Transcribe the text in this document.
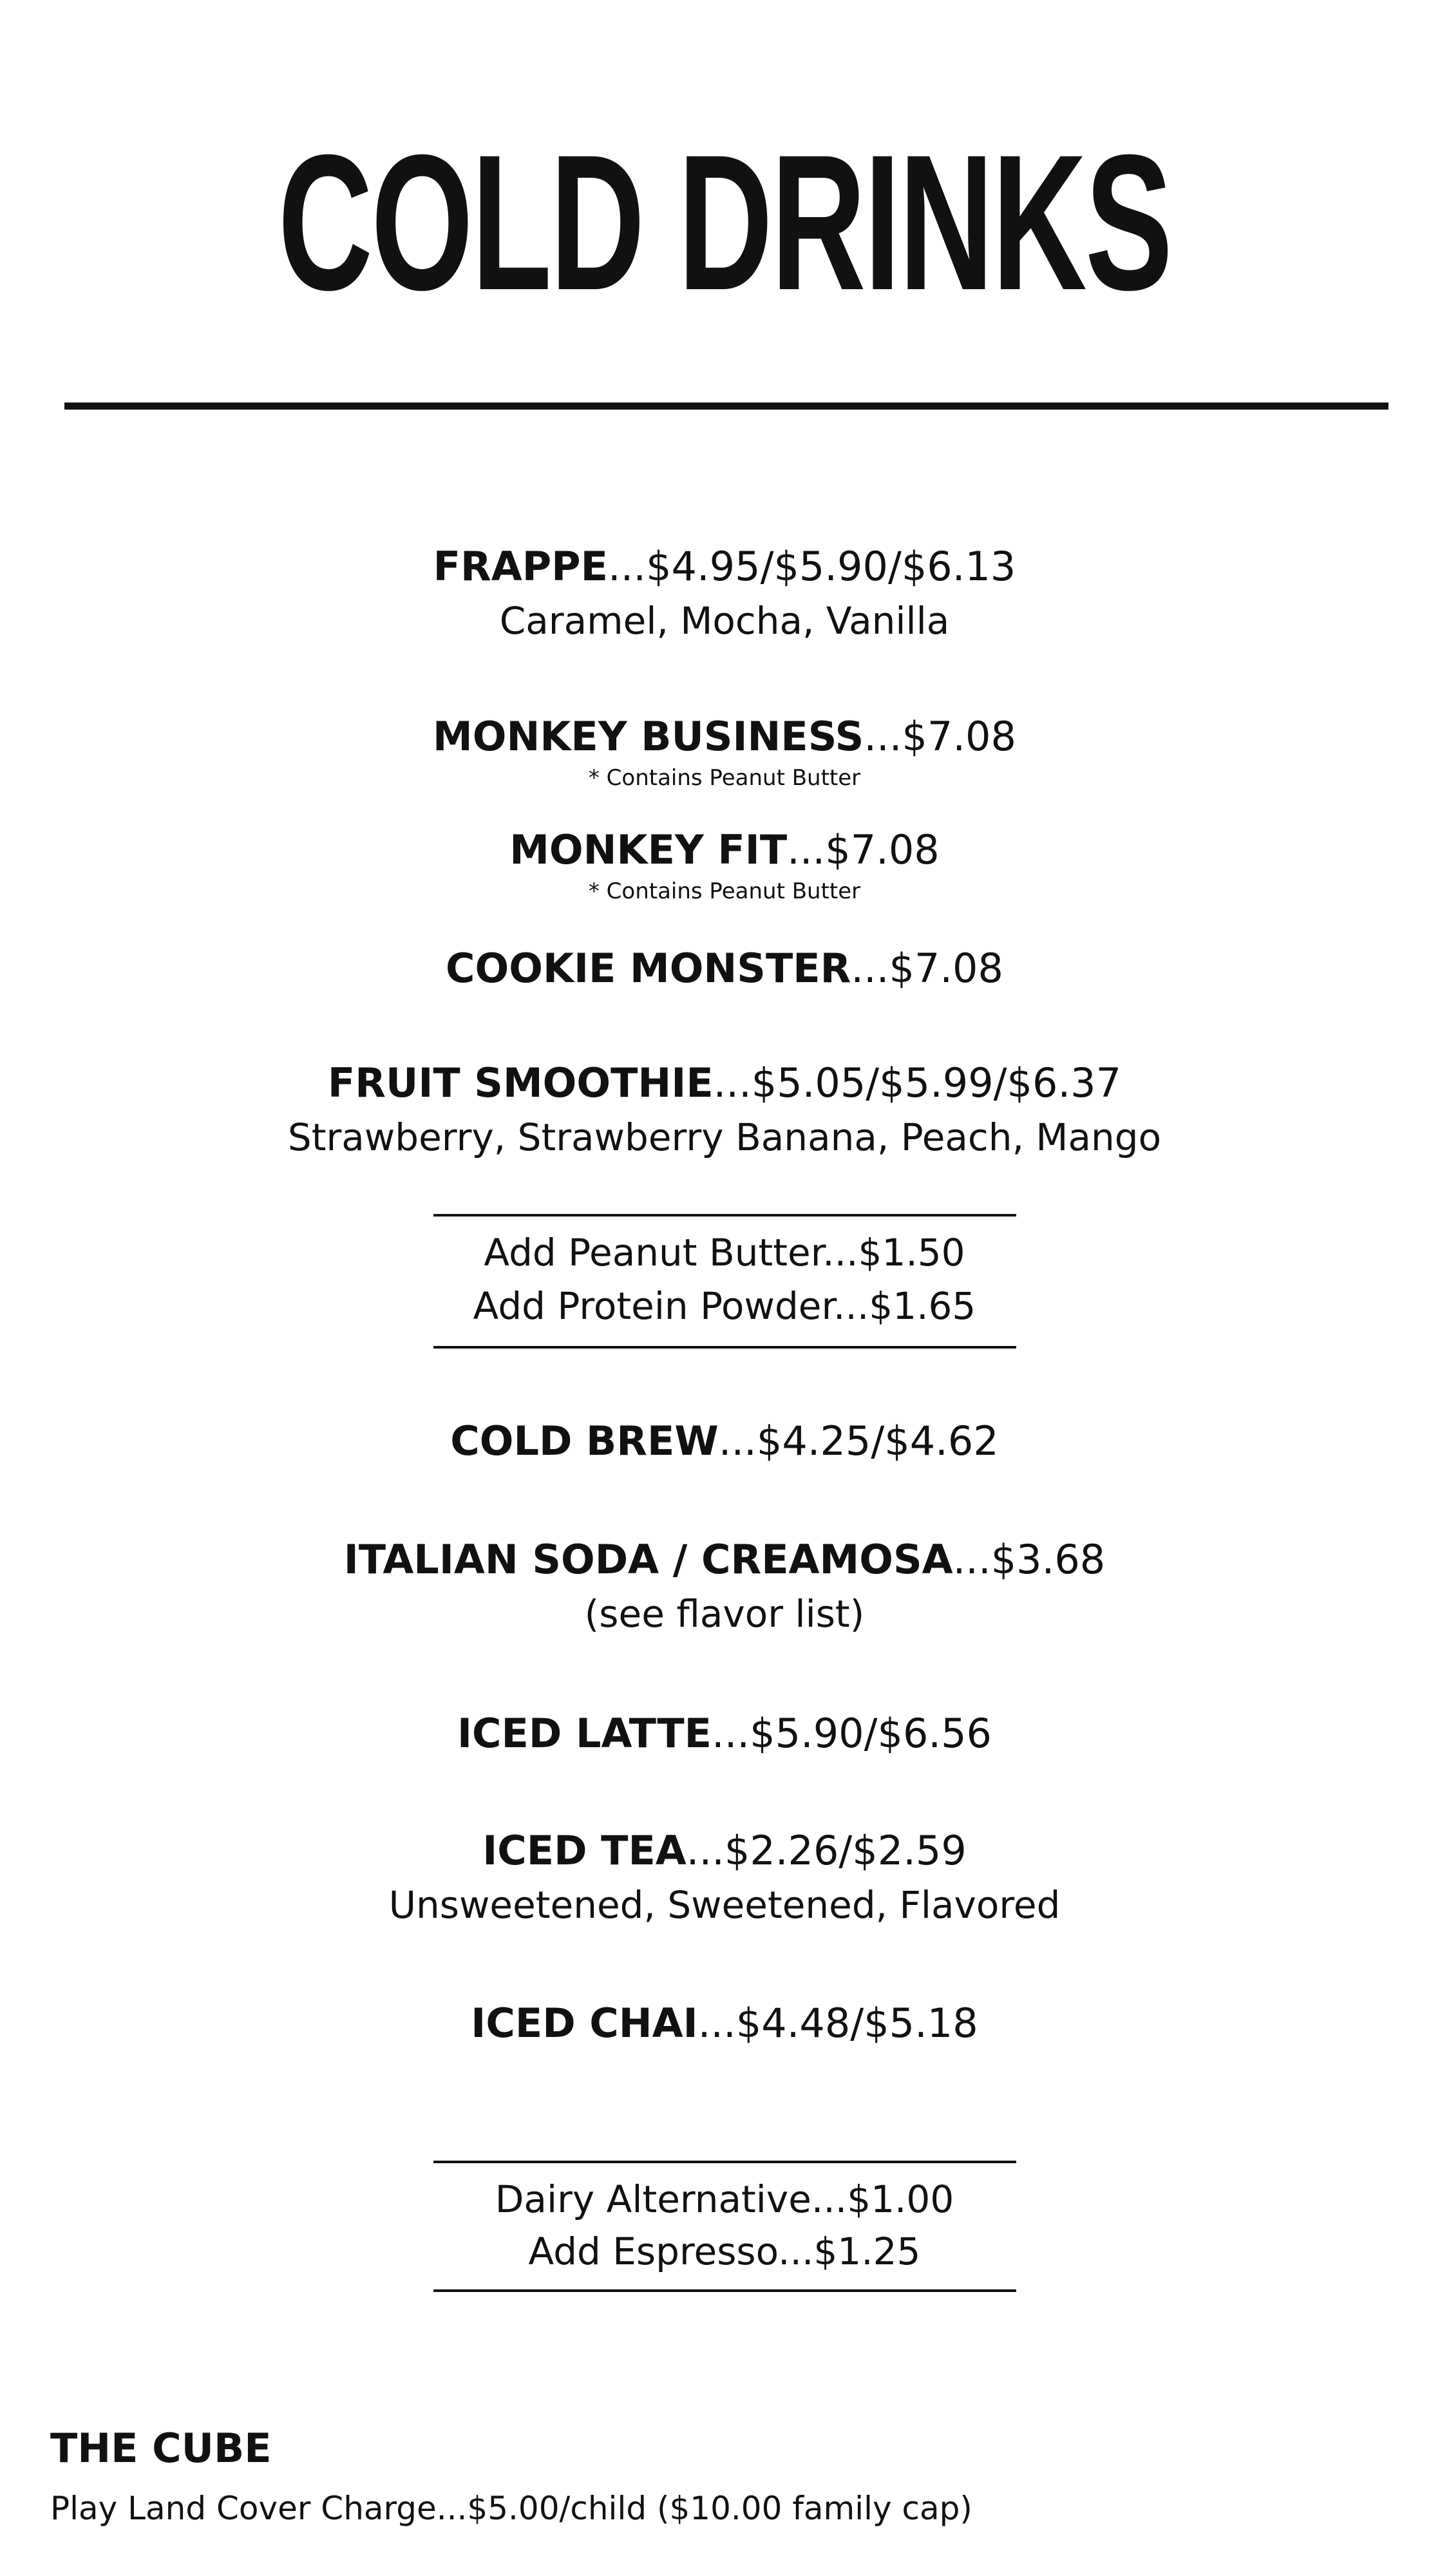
COLD DRINKS
FRAPPE...$4.95/$5.90/$6.13
Caramel, Mocha, Vanilla
MONKEY BUSINESS...$7.08
* Contains Peanut Butter
MONKEY FIT...$7.08
* Contains Peanut Butter
COOKIE MONSTER...$7.08
FRUIT SMOOTHIE...$5.05/$5.99/$6.37
Strawberry, Strawberry Banana, Peach, Mango
Add Peanut Butter...$1.50
Add Protein Powder...$1.65
COLD BREW...$4.25/$4.62
ITALIAN SODA / CREAMOSA...$3.68
(see flavor list)
ICED LATTE...$5.90/$6.56
ICED TEA...$2.26/$2.59
Unsweetened, Sweetened, Flavored
ICED CHAI...$4.48/$5.18
Dairy Alternative...$1.00
Add Espresso...$1.25
THE CUBE
Play Land Cover Charge...$5.00/child ($10.00 family cap)
